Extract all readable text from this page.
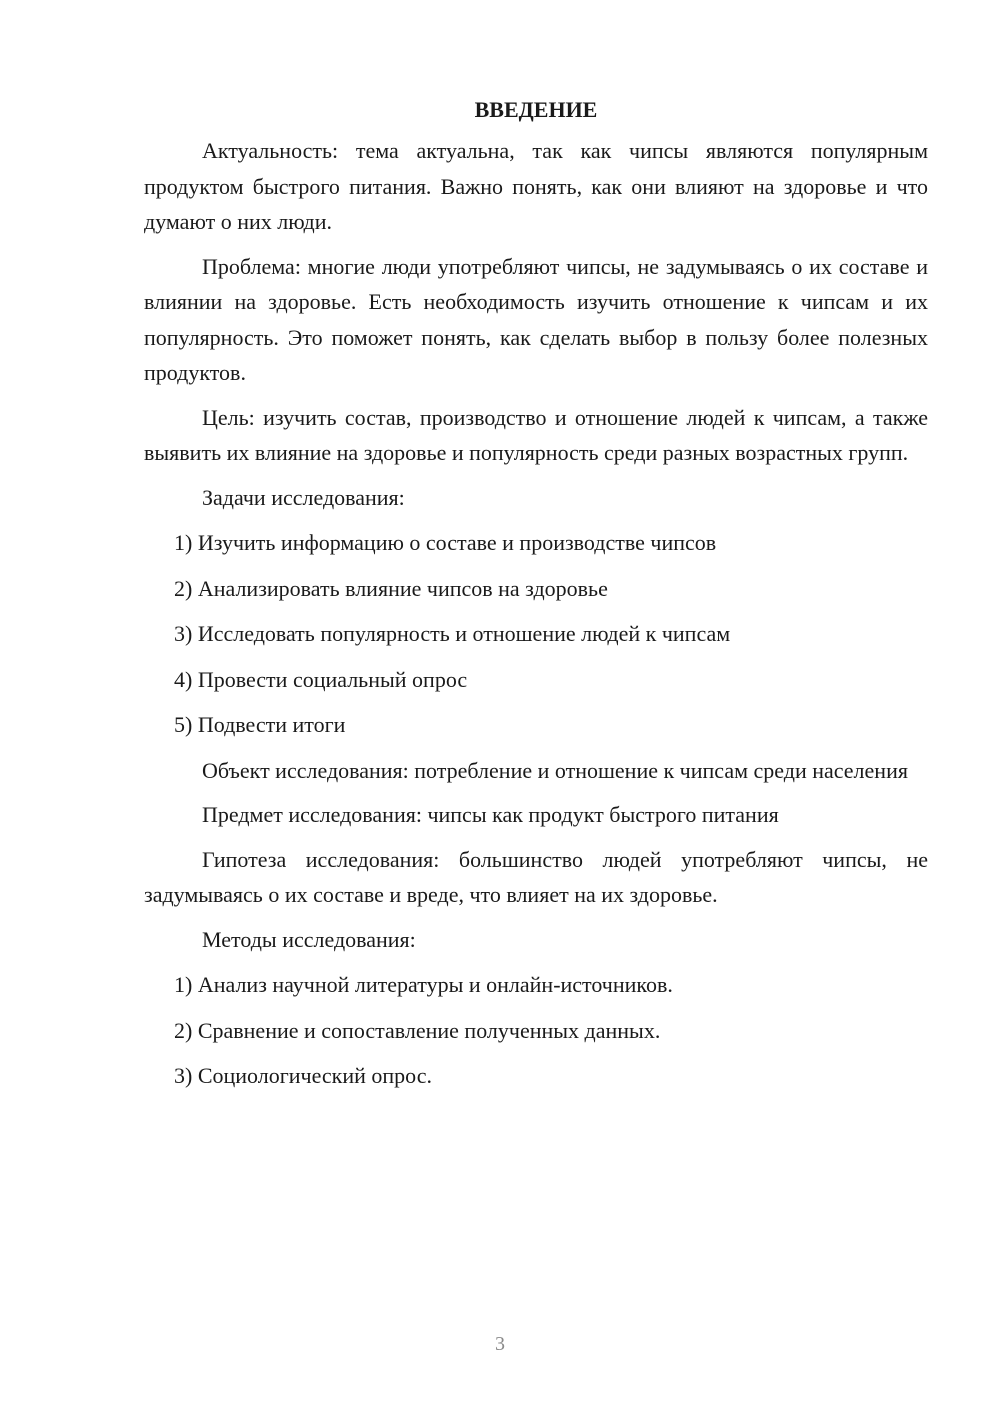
ВВЕДЕНИЕ

Актуальность: тема актуальна, так как чипсы являются популярным продуктом быстрого питания. Важно понять, как они влияют на здоровье и что думают о них люди.

Проблема: многие люди употребляют чипсы, не задумываясь о их составе и влиянии на здоровье. Есть необходимость изучить отношение к чипсам и их популярность. Это поможет понять, как сделать выбор в пользу более полезных продуктов.

Цель: изучить состав, производство и отношение людей к чипсам, а также выявить их влияние на здоровье и популярность среди разных возрастных групп.

Задачи исследования:

1) Изучить информацию о составе и производстве чипсов
2) Анализировать влияние чипсов на здоровье
3) Исследовать популярность и отношение людей к чипсам
4) Провести социальный опрос
5) Подвести итоги

Объект исследования: потребление и отношение к чипсам среди населения

Предмет исследования: чипсы как продукт быстрого питания

Гипотеза исследования: большинство людей употребляют чипсы, не задумываясь о их составе и вреде, что влияет на их здоровье.

Методы исследования:

1) Анализ научной литературы и онлайн-источников.
2) Сравнение и сопоставление полученных данных.
3) Социологический опрос.
3
